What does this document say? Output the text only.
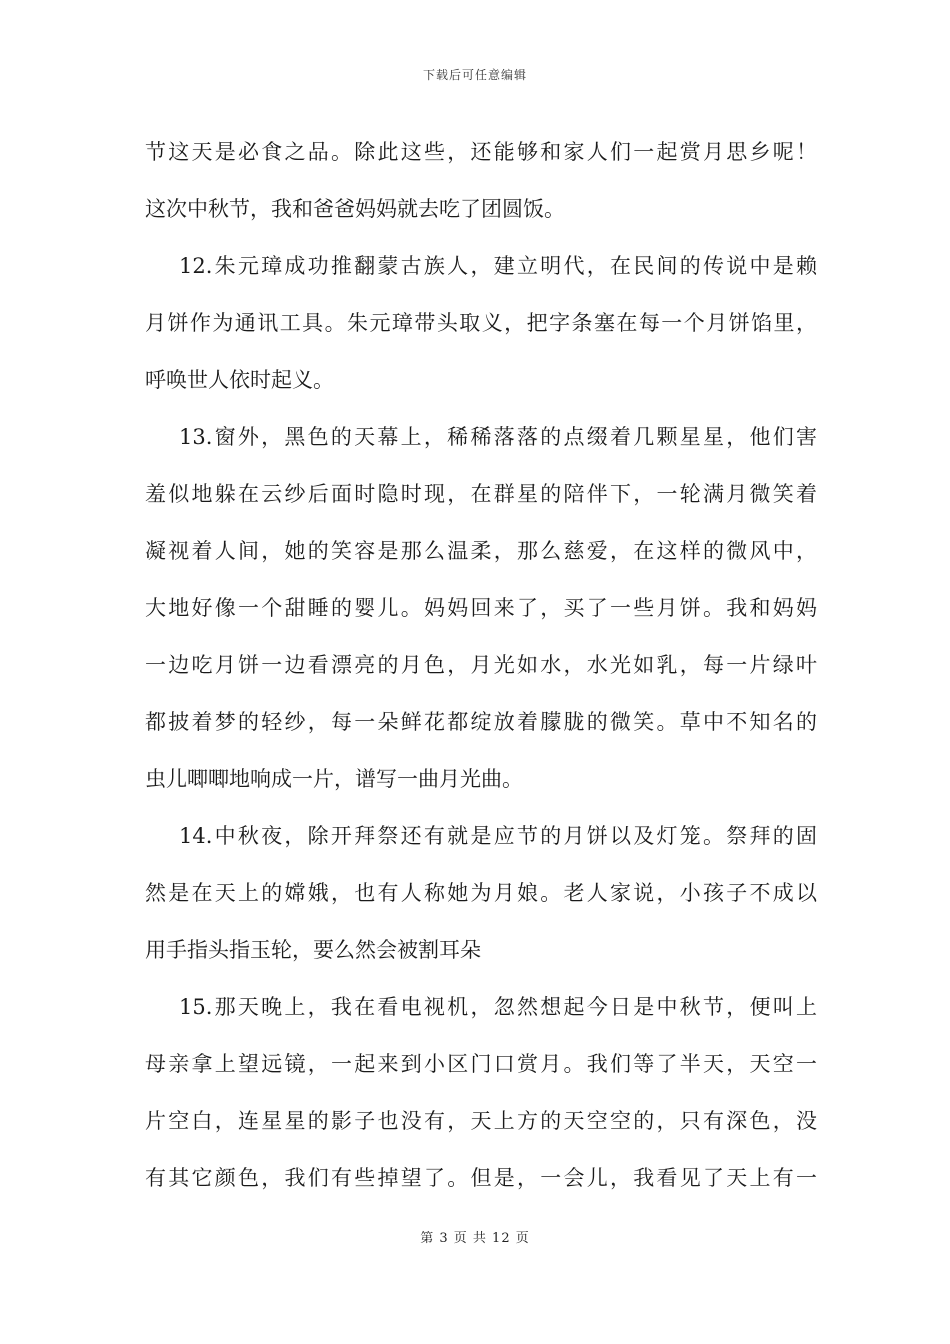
下载后可任意编辑
节这天是必食之品。除此这些，还能够和家人们一起赏月思乡呢！
这次中秋节，我和爸爸妈妈就去吃了团圆饭。
12.朱元璋成功推翻蒙古族人，建立明代，在民间的传说中是赖
月饼作为通讯工具。朱元璋带头取义，把字条塞在每一个月饼馅里，
呼唤世人依时起义。
13.窗外，黑色的天幕上，稀稀落落的点缀着几颗星星，他们害
羞似地躲在云纱后面时隐时现，在群星的陪伴下，一轮满月微笑着
凝视着人间，她的笑容是那么温柔，那么慈爱，在这样的微风中，
大地好像一个甜睡的婴儿。妈妈回来了，买了一些月饼。我和妈妈
一边吃月饼一边看漂亮的月色，月光如水，水光如乳，每一片绿叶
都披着梦的轻纱，每一朵鲜花都绽放着朦胧的微笑。草中不知名的
虫儿唧唧地响成一片，谱写一曲月光曲。
14.中秋夜，除开拜祭还有就是应节的月饼以及灯笼。祭拜的固
然是在天上的嫦娥，也有人称她为月娘。老人家说，小孩子不成以
用手指头指玉轮，要么然会被割耳朵
15.那天晚上，我在看电视机，忽然想起今日是中秋节，便叫上
母亲拿上望远镜，一起来到小区门口赏月。我们等了半天，天空一
片空白，连星星的影子也没有，天上方的天空空的，只有深色，没
有其它颜色，我们有些掉望了。但是，一会儿，我看见了天上有一
第 3 页 共 12 页
